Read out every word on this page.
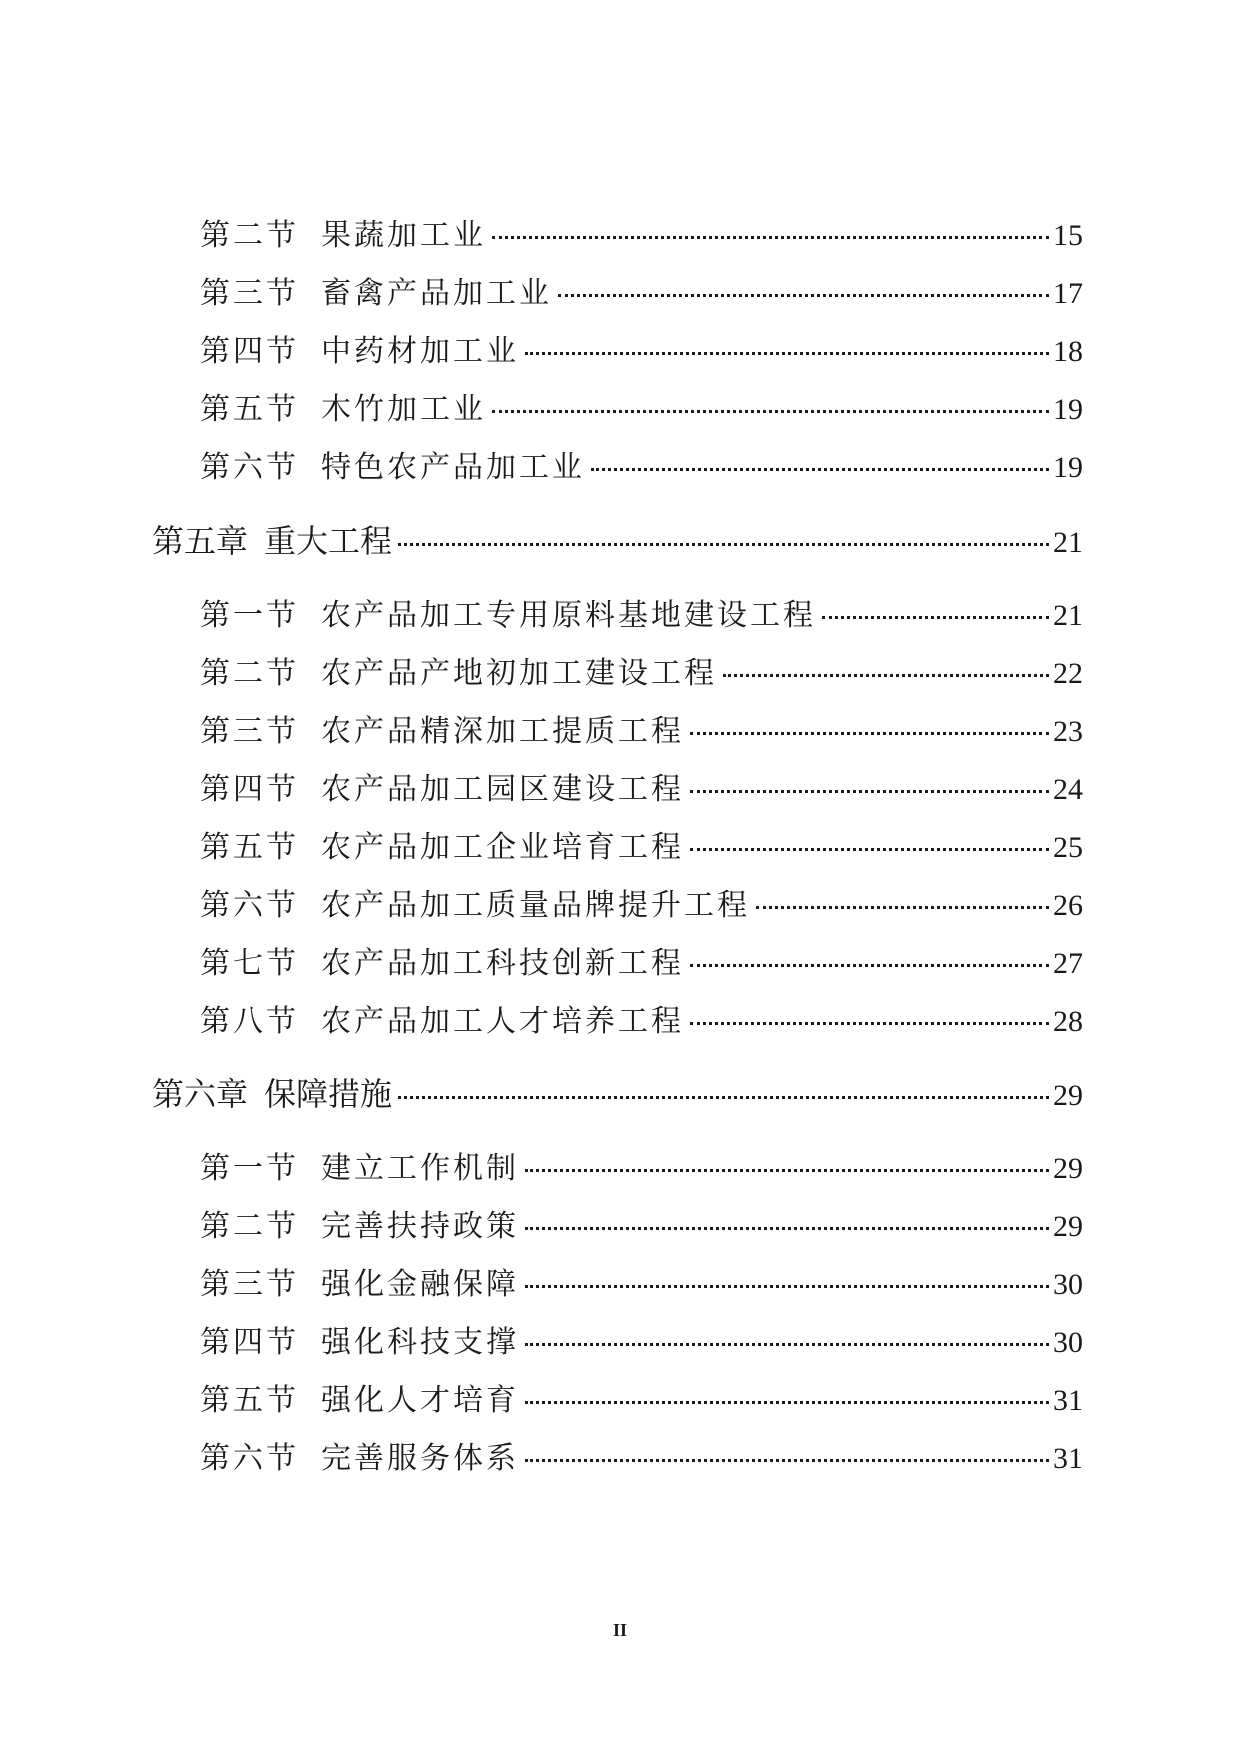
第二节 果蔬加工业	15
第三节 畜禽产品加工业	17
第四节 中药材加工业	18
第五节 木竹加工业	19
第六节 特色农产品加工业	19
第五章 重大工程	21
第一节 农产品加工专用原料基地建设工程	21
第二节 农产品产地初加工建设工程	22
第三节 农产品精深加工提质工程	23
第四节 农产品加工园区建设工程	24
第五节 农产品加工企业培育工程	25
第六节 农产品加工质量品牌提升工程	26
第七节 农产品加工科技创新工程	27
第八节 农产品加工人才培养工程	28
第六章 保障措施	29
第一节 建立工作机制	29
第二节 完善扶持政策	29
第三节 强化金融保障	30
第四节 强化科技支撑	30
第五节 强化人才培育	31
第六节 完善服务体系	31
II
